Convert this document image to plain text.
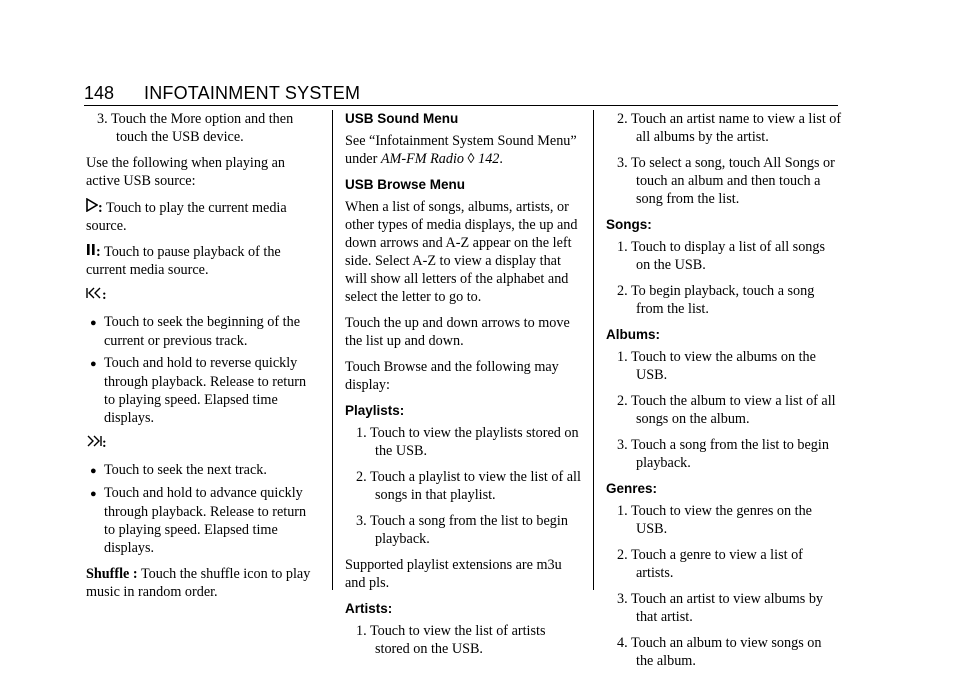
148 INFOTAINMENT SYSTEM
3. Touch the More option and then touch the USB device.

Use the following when playing an active USB source:

: Touch to play the current media source.

: Touch to pause playback of the current media source.

:
● Touch to seek the beginning of the current or previous track.
● Touch and hold to reverse quickly through playback. Release to return to playing speed. Elapsed time displays.
:
● Touch to seek the next track.
● Touch and hold to advance quickly through playback. Release to return to playing speed. Elapsed time displays.

Shuffle : Touch the shuffle icon to play music in random order.

USB Sound Menu

See “Infotainment System Sound Menu” under AM-FM Radio ◊ 142.

USB Browse Menu

When a list of songs, albums, artists, or other types of media displays, the up and down arrows and A-Z appear on the left side. Select A-Z to view a display that will show all letters of the alphabet and select the letter to go to.

Touch the up and down arrows to move the list up and down.

Touch Browse and the following may display:

Playlists:
1. Touch to view the playlists stored on the USB.
2. Touch a playlist to view the list of all songs in that playlist.
3. Touch a song from the list to begin playback.

Supported playlist extensions are m3u and pls.

Artists:
1. Touch to view the list of artists stored on the USB.
2. Touch an artist name to view a list of all albums by the artist.
3. To select a song, touch All Songs or touch an album and then touch a song from the list.
Songs:
1. Touch to display a list of all songs on the USB.
2. To begin playback, touch a song from the list.
Albums:
1. Touch to view the albums on the USB.
2. Touch the album to view a list of all songs on the album.
3. Touch a song from the list to begin playback.
Genres:
1. Touch to view the genres on the USB.
2. Touch a genre to view a list of artists.
3. Touch an artist to view albums by that artist.
4. Touch an album to view songs on the album.
